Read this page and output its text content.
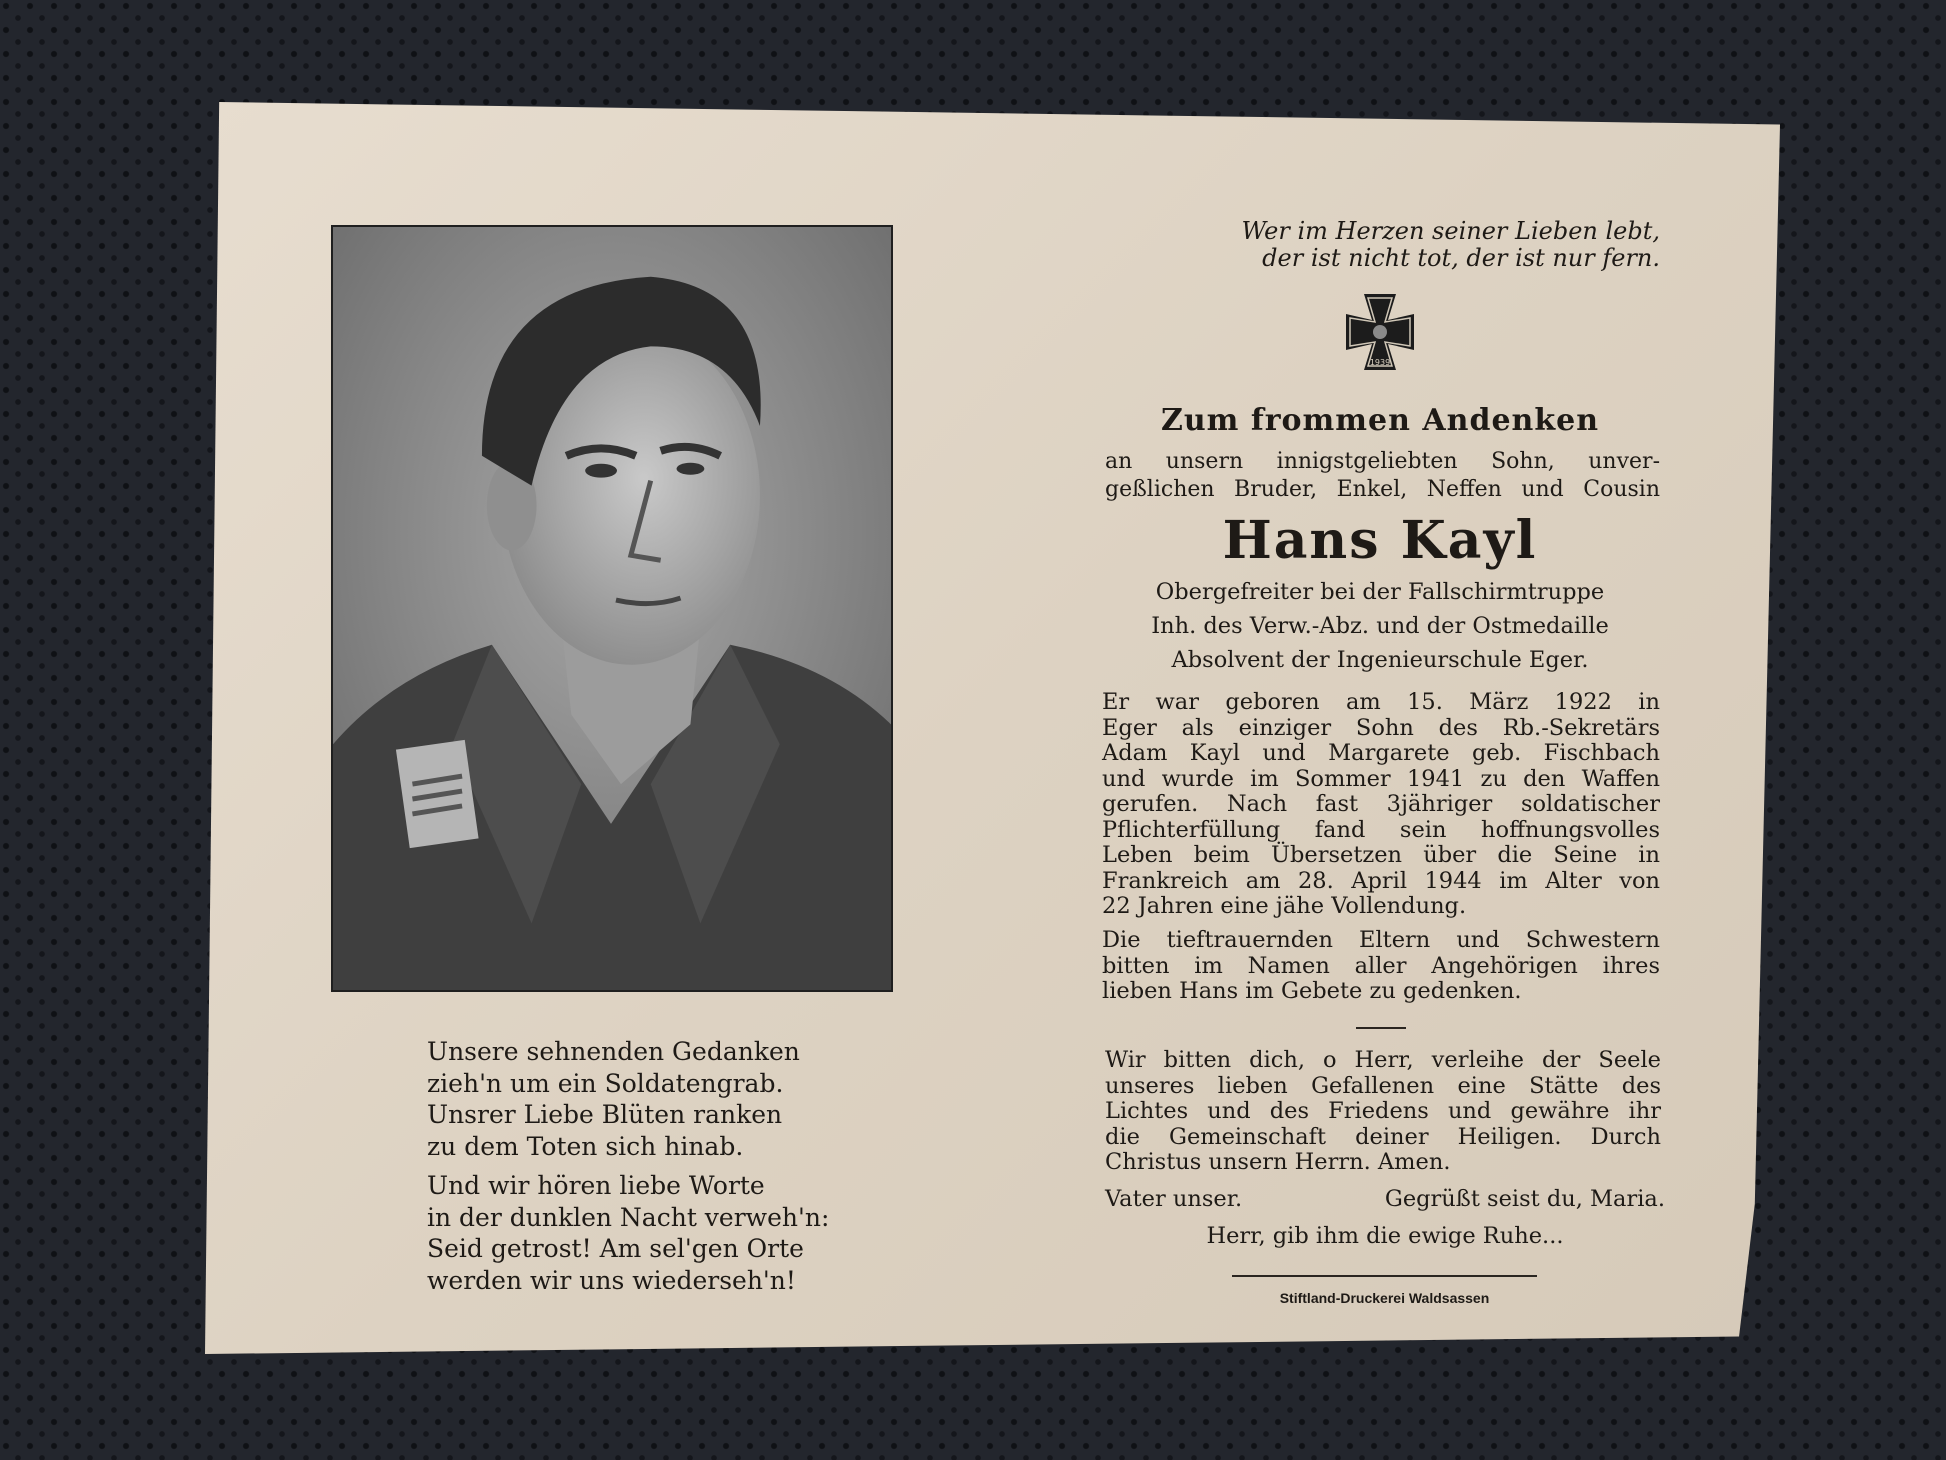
Unsere sehnenden Gedanken

zieh'n um ein Soldatengrab.

Unsrer Liebe Blüten ranken

zu dem Toten sich hinab.

Und wir hören liebe Worte

in der dunklen Nacht verweh'n:

Seid getrost! Am sel'gen Orte

werden wir uns wiederseh'n!

Wer im Herzen seiner Lieben lebt,

der ist nicht tot, der ist nur fern.

1939
Zum frommen Andenken

an unsern innigstgeliebten Sohn, unver-

geßlichen Bruder, Enkel, Neffen und Cousin

Hans Kayl

Obergefreiter bei der Fallschirmtruppe

Inh. des Verw.-Abz. und der Ostmedaille

Absolvent der Ingenieurschule Eger.

Er war geboren am 15. März 1922 in

Eger als einziger Sohn des Rb.-Sekretärs

Adam Kayl und Margarete geb. Fischbach

und wurde im Sommer 1941 zu den Waffen

gerufen. Nach fast 3jähriger soldatischer

Pflichterfüllung fand sein hoffnungsvolles

Leben beim Übersetzen über die Seine in

Frankreich am 28. April 1944 im Alter von

22 Jahren eine jähe Vollendung.

Die tieftrauernden Eltern und Schwestern

bitten im Namen aller Angehörigen ihres

lieben Hans im Gebete zu gedenken.

Wir bitten dich, o Herr, verleihe der Seele

unseres lieben Gefallenen eine Stätte des

Lichtes und des Friedens und gewähre ihr

die Gemeinschaft deiner Heiligen. Durch

Christus unsern Herrn. Amen.

Vater unser.	Gegrüßt seist du, Maria.
Herr, gib ihm die ewige Ruhe...
Stiftland-Druckerei Waldsassen
